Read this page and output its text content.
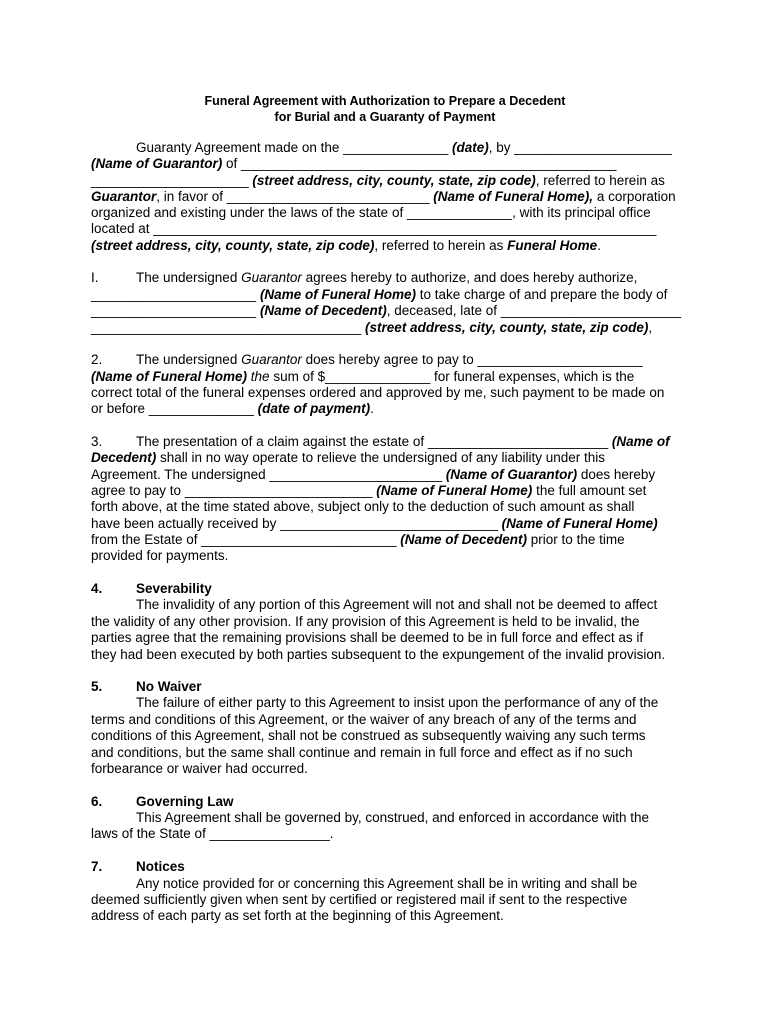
Funeral Agreement with Authorization to Prepare a Decedent
for Burial and a Guaranty of Payment
Guaranty Agreement made on the ______________ (date), by _____________________
(Name of Guarantor) of __________________________________________________
_____________________ (street address, city, county, state, zip code), referred to herein as
Guarantor, in favor of ___________________________ (Name of Funeral Home), a corporation
organized and existing under the laws of the state of ______________, with its principal office
located at ___________________________________________________________________
(street address, city, county, state, zip code), referred to herein as Funeral Home.
I.	The undersigned Guarantor agrees hereby to authorize, and does hereby authorize,
______________________ (Name of Funeral Home) to take charge of and prepare the body of
______________________ (Name of Decedent), deceased, late of ________________________
____________________________________ (street address, city, county, state, zip code),
2. The undersigned Guarantor does hereby agree to pay to ______________________
(Name of Funeral Home) the sum of $______________ for funeral expenses, which is the
correct total of the funeral expenses ordered and approved by me, such payment to be made on
or before ______________ (date of payment).
3. The presentation of a claim against the estate of ________________________ (Name of
Decedent) shall in no way operate to relieve the undersigned of any liability under this
Agreement. The undersigned _______________________ (Name of Guarantor) does hereby
agree to pay to _________________________ (Name of Funeral Home) the full amount set
forth above, at the time stated above, subject only to the deduction of such amount as shall
have been actually received by _____________________________ (Name of Funeral Home)
from the Estate of __________________________ (Name of Decedent) prior to the time
provided for payments.
4. Severability
The invalidity of any portion of this Agreement will not and shall not be deemed to affect
the validity of any other provision. If any provision of this Agreement is held to be invalid, the
parties agree that the remaining provisions shall be deemed to be in full force and effect as if
they had been executed by both parties subsequent to the expungement of the invalid provision.
5. No Waiver
The failure of either party to this Agreement to insist upon the performance of any of the
terms and conditions of this Agreement, or the waiver of any breach of any of the terms and
conditions of this Agreement, shall not be construed as subsequently waiving any such terms
and conditions, but the same shall continue and remain in full force and effect as if no such
forbearance or waiver had occurred.
6. Governing Law
This Agreement shall be governed by, construed, and enforced in accordance with the
laws of the State of ________________.
7. Notices
Any notice provided for or concerning this Agreement shall be in writing and shall be
deemed sufficiently given when sent by certified or registered mail if sent to the respective
address of each party as set forth at the beginning of this Agreement.
